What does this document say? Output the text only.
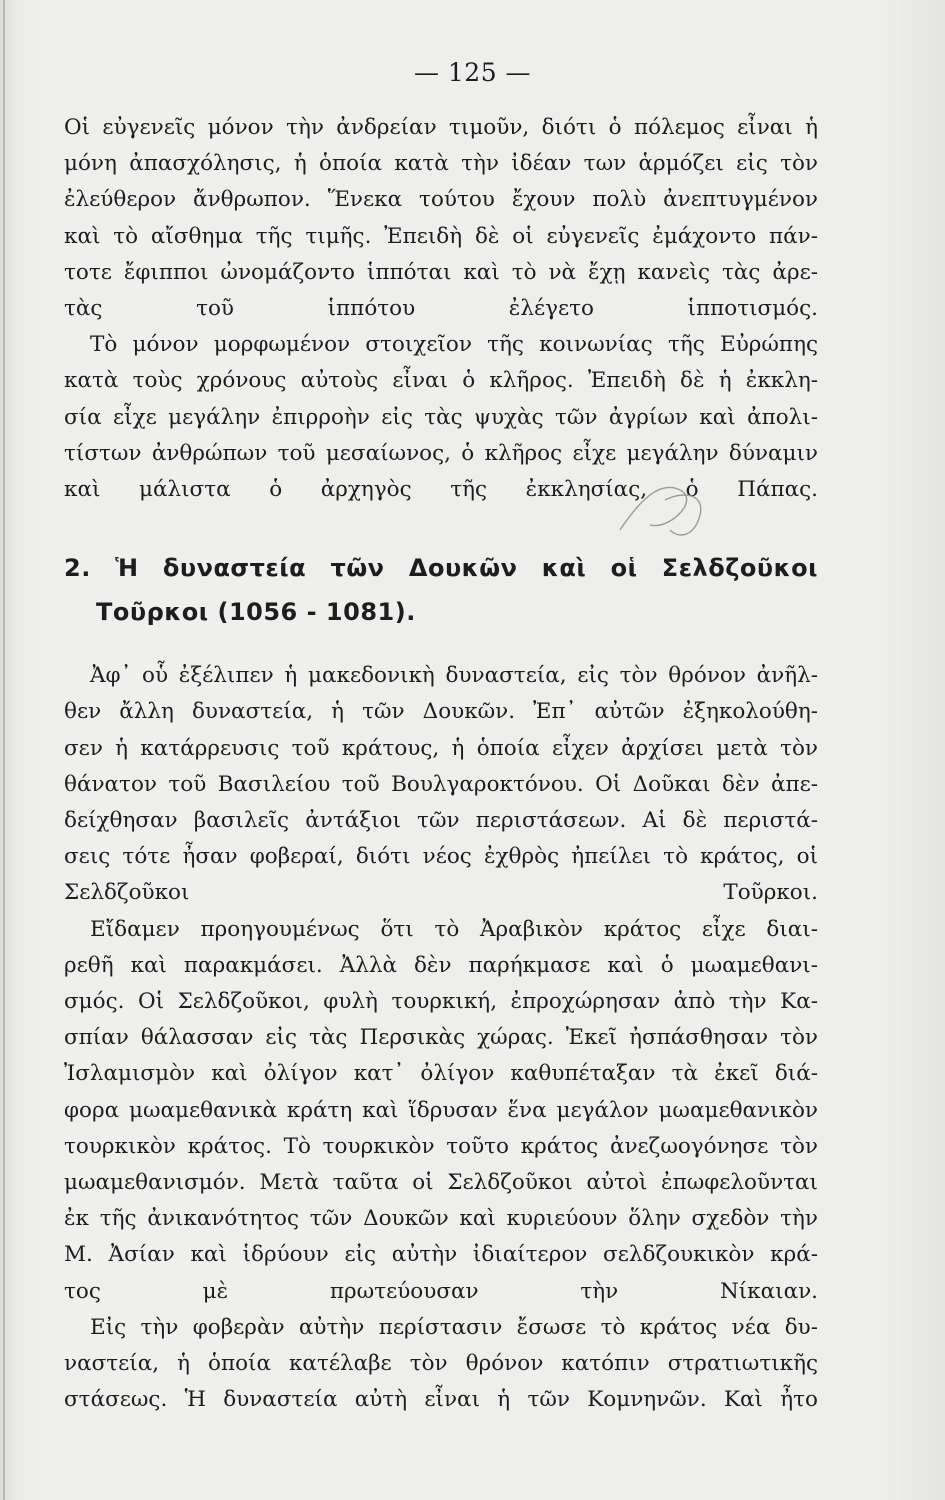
— 125 —

Οἱ εὐγενεῖς μόνον τὴν ἀνδρείαν τιμοῦν, διότι ὁ πόλεμος εἶναι ἡ
μόνη ἀπασχόλησις, ἡ ὁποία κατὰ τὴν ἰδέαν των ἁρμόζει εἰς τὸν
ἐλεύθερον ἄνθρωπον. Ἕνεκα τούτου ἔχουν πολὺ ἀνεπτυγμένον
καὶ τὸ αἴσθημα τῆς τιμῆς. Ἐπειδὴ δὲ οἱ εὐγενεῖς ἐμάχοντο πάν-
τοτε ἔφιπποι ὠνομάζοντο ἱππόται καὶ τὸ νὰ ἔχῃ κανεὶς τὰς ἀρε-
τὰς τοῦ ἱππότου ἐλέγετο ἱπποτισμός.

Τὸ μόνον μορφωμένον στοιχεῖον τῆς κοινωνίας τῆς Εὐρώπης
κατὰ τοὺς χρόνους αὐτοὺς εἶναι ὁ κλῆρος. Ἐπειδὴ δὲ ἡ ἐκκλη-
σία εἶχε μεγάλην ἐπιρροὴν εἰς τὰς ψυχὰς τῶν ἀγρίων καὶ ἀπολι-
τίστων ἀνθρώπων τοῦ μεσαίωνος, ὁ κλῆρος εἶχε μεγάλην δύναμιν
καὶ μάλιστα ὁ ἀρχηγὸς τῆς ἐκκλησίας, ὁ Πάπας.

2. Ἡ δυναστεία τῶν Δουκῶν καὶ οἱ Σελδζοῦκοι
Τοῦρκοι (1056 - 1081).

Ἀφ᾽ οὗ ἐξέλιπεν ἡ μακεδονικὴ δυναστεία, εἰς τὸν θρόνον ἀνῆλ-
θεν ἄλλη δυναστεία, ἡ τῶν Δουκῶν. Ἐπ᾽ αὐτῶν ἐξηκολούθη-
σεν ἡ κατάρρευσις τοῦ κράτους, ἡ ὁποία εἶχεν ἀρχίσει μετὰ τὸν
θάνατον τοῦ Βασιλείου τοῦ Βουλγαροκτόνου. Οἱ Δοῦκαι δὲν ἀπε-
δείχθησαν βασιλεῖς ἀντάξιοι τῶν περιστάσεων. Αἱ δὲ περιστά-
σεις τότε ἦσαν φοβεραί, διότι νέος ἐχθρὸς ἠπείλει τὸ κράτος, οἱ
Σελδζοῦκοι Τοῦρκοι.

Εἴδαμεν προηγουμένως ὅτι τὸ Ἀραβικὸν κράτος εἶχε διαι-
ρεθῆ καὶ παρακμάσει. Ἀλλὰ δὲν παρήκμασε καὶ ὁ μωαμεθανι-
σμός. Οἱ Σελδζοῦκοι, φυλὴ τουρκική, ἐπροχώρησαν ἀπὸ τὴν Κα-
σπίαν θάλασσαν εἰς τὰς Περσικὰς χώρας. Ἐκεῖ ἠσπάσθησαν τὸν
Ἰσλαμισμὸν καὶ ὀλίγον κατ᾽ ὀλίγον καθυπέταξαν τὰ ἐκεῖ διά-
φορα μωαμεθανικὰ κράτη καὶ ἵδρυσαν ἕνα μεγάλον μωαμεθανικὸν
τουρκικὸν κράτος. Τὸ τουρκικὸν τοῦτο κράτος ἀνεζωογόνησε τὸν
μωαμεθανισμόν. Μετὰ ταῦτα οἱ Σελδζοῦκοι αὐτοὶ ἐπωφελοῦνται
ἐκ τῆς ἀνικανότητος τῶν Δουκῶν καὶ κυριεύουν ὅλην σχεδὸν τὴν
Μ. Ἀσίαν καὶ ἱδρύουν εἰς αὐτὴν ἰδιαίτερον σελδζουκικὸν κρά-
τος μὲ πρωτεύουσαν τὴν Νίκαιαν.

Εἰς τὴν φοβερὰν αὐτὴν περίστασιν ἔσωσε τὸ κράτος νέα δυ-
ναστεία, ἡ ὁποία κατέλαβε τὸν θρόνον κατόπιν στρατιωτικῆς
στάσεως. Ἡ δυναστεία αὐτὴ εἶναι ἡ τῶν Κομνηνῶν. Καὶ ἦτο
